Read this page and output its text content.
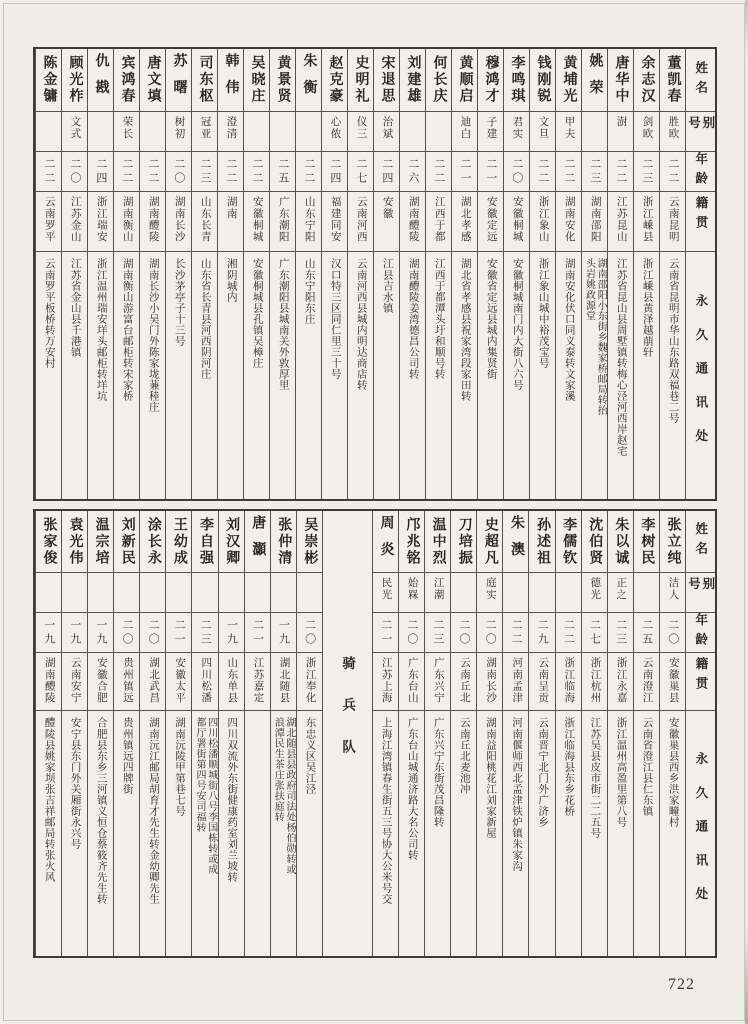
姓名
别号
年龄
籍贯
永久通讯处
董凯春
胜欧
二二
云南昆明
云南省昆明市华山东路双福巷二号
余志汉
剑欧
二三
浙江嵊县
浙江嵊县黄泽越萠轩
唐华中
澍
二二
江苏昆山
江苏省昆山县周墅镇转梅心泾河西岸赵宅
姚荣
二三
湖南邵阳
湖南邵阳小东街乡魏家桥邮局转抬头岩姚政源堂
黄埔光
甲夫
二二
湖南安化
湖南安化伏口同义泰转文家溪
钱刚锐
文旦
二二
浙江象山
浙江象山城中裕茂宝号
李鸣琪
君实
二〇
安徽桐城
安徽桐城南门内大街八六号
穆鸿才
子建
二一
安徽定远
安徽省定远县城内集贤街
黄顺启
迪白
二一
湖北孝感
湖北省孝感县祝家湾段家田转
何长庆
二二
江西于都
江西于都潭头圩和顺号转
刘建雄
二六
湖南醴陵
湖南醴陵姜湾德昌公司转
宋退思
治斌
二四
安徽
江县吉水镇
史明礼
仪三
二七
云南河西
云南河西县城内明达商店转
赵克豪
心侬
二四
福建同安
汉口特三区同仁里三十号
朱衡
二二
山东宁阳
山东宁阳东庄
黄景贤
二五
广东潮阳
广东潮阳县城南关外敦厚里
吴晓庄
二二
安徽桐城
安徽桐城县孔镇吴樟庄
韩伟
澄清
二二
湖南
湘阴城内
司东枢
冠亚
二三
山东长青
山东省长青县河西阴河庄
苏曙
树初
二〇
湖南长沙
长沙茅亭子十三号
唐文填
二二
湖南醴陵
湖南长沙小吴门外陈家垅蒹稑庄
宾鸿春
荣长
二二
湖南衡山
湖南衡山游富台邮柜转宋家桥
仇戡
二四
浙江瑞安
浙江温州瑞安垟头邮柜转垟坑
顾光柞
文式
二〇
江苏金山
江苏省金山县千港镇
陈金镛
二二
云南罗平
云南罗平板桥转万安村
姓名
别号
年龄
籍贯
永久通讯处
张立纯
洁人
二〇
安徽巢县
安徽巢县西乡洪家疃村
李树民
二五
云南澄江
云南省澄江县仁东镇
朱以诚
正之
二三
浙江永嘉
浙江温州高盈里第八号
沈伯贤
德光
二七
浙江杭州
江苏吴县皮市街二二五号
李儒钦
二二
浙江临海
浙江临海县东乡花桥
孙述祖
二九
云南呈贡
云南晋宁北门外广济乡
朱澳
二二
河南孟津
河南偃师西北孟津铁炉镇朱家沟
史超凡
庭实
二〇
湖南长沙
湖南益阳桃花江刘家新屋
刀培振
二〇
云南丘北
云南丘北麦池冲
温中烈
江潮
二三
广东兴宁
广东兴宁东街茂昌隆转
邝兆铭
始槑
二〇
广东台山
广东台山城通济路大名公司转
周炎
民光
二一
江苏上海
上海江湾镇春生街五三号协大公米号交
骑兵队
吴崇彬
二〇
浙江奉化
东忠义区吴江泾
张仲清
一九
湖北随县
湖北随县县政府司法处杨伯勋转或浪潭民生茶庄张扶庭转
唐灝
二一
江苏嘉定
刘汉卿
一九
山东单县
四川双流外东街健康药室刘兰坡转
李自强
二三
四川松潘
四川松潘顺城街八号李国栋转或成都厅署街第四号安司福转
王幼成
二一
安徽太平
湖南沅陵甲第巷七号
涂长永
二〇
湖北武昌
湖南沅江邮局胡育才先生转金幼卿先生
刘新民
二〇
贵州镇远
贵州镇远四牌街
温宗培
一九
安徽合肥
合肥县东乡三河镇义恒仓蔡筱齐先生转
袁光伟
一九
云南安宁
安宁县东门外关厢街永兴号
张家俊
一九
湖南醴陵
醴陵县姚家坝张吉祥邮局转张火风
722
